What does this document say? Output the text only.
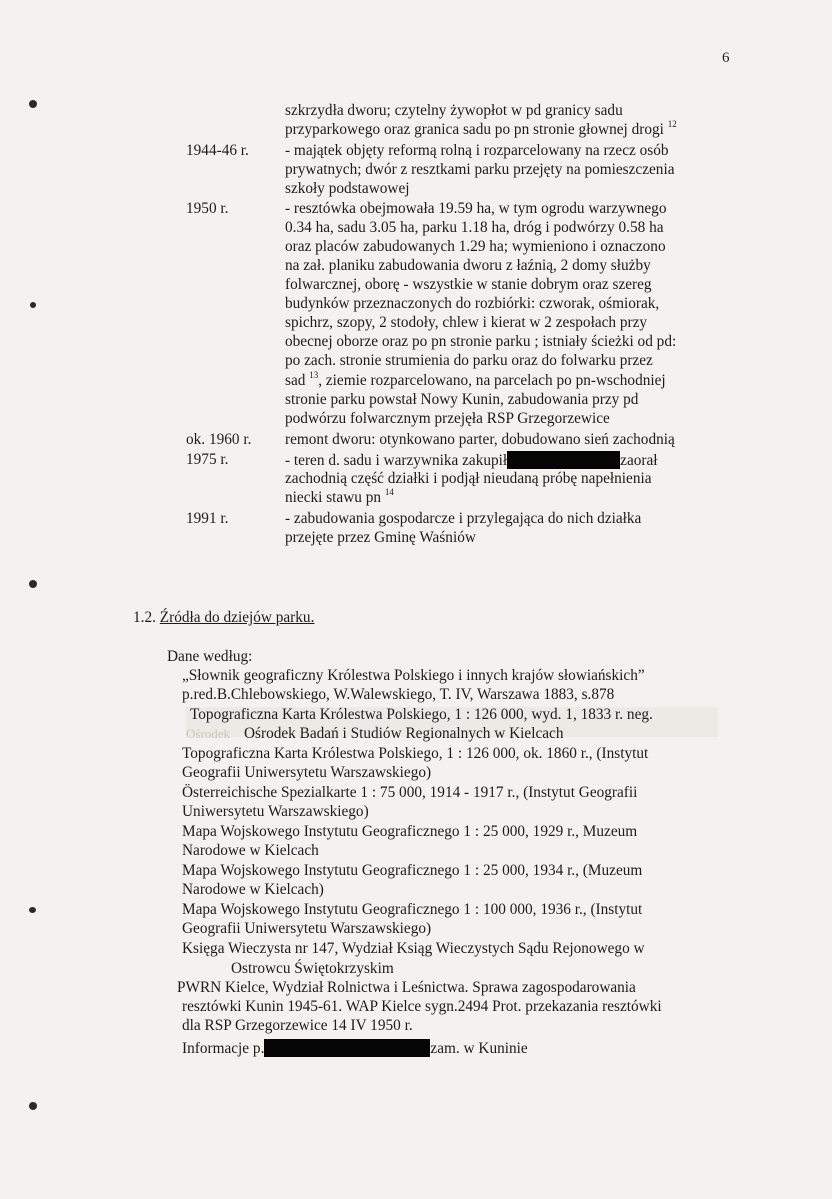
6
szkrzydła dworu; czytelny żywopłot w pd granicy sadu
przyparkowego oraz granica sadu po pn stronie głownej drogi $^{12}$
1944-46 r. - majątek objęty reformą rolną i rozparcelowany na rzecz osób
prywatnych; dwór z resztkami parku przejęty na pomieszczenia
szkoły podstawowej
1950 r.	- resztówka obejmowała 19.59 ha, w tym ogrodu warzywnego
0.34 ha, sadu 3.05 ha, parku 1.18 ha, dróg i podwórzy 0.58 ha
oraz placów zabudowanych 1.29 ha; wymieniono i oznaczono
na zał. planiku zabudowania dworu z łaźnią, 2 domy służby
folwarcznej, oborę - wszystkie w stanie dobrym oraz szereg
budynków przeznaczonych do rozbiórki: czworak, ośmiorak,
spichrz, szopy, 2 stodoły, chlew i kierat w 2 zespołach przy
obecnej oborze oraz po pn stronie parku ; istniały ścieżki od pd:
po zach. stronie strumienia do parku oraz do folwarku przez
sad $^{13}$, ziemie rozparcelowano, na parcelach po pn-wschodniej
stronie parku powstał Nowy Kunin, zabudowania przy pd
podwórzu folwarcznym przejęła RSP Grzegorzewice
ok. 1960 r. remont dworu: otynkowano parter, dobudowano sień zachodnią
1975 r.	- teren d. sadu i warzywnika zakupił	zaorał
zachodnią część działki i podjął nieudaną próbę napełnienia
niecki stawu pn $^{14}$
1991 r.	- zabudowania gospodarcze i przylegająca do nich działka
przejęte przez Gminę Waśniów
1.2. Źródła do dziejów parku.
Ośrodek
Dane według:
„Słownik geograficzny Królestwa Polskiego i innych krajów słowiańskich”
p.red.B.Chlebowskiego, W.Walewskiego, T. IV, Warszawa 1883, s.878
Topograficzna Karta Królestwa Polskiego, 1 : 126 000, wyd. 1, 1833 r. neg.
Ośrodek Badań i Studiów Regionalnych w Kielcach
Topograficzna Karta Królestwa Polskiego, 1 : 126 000, ok. 1860 r., (Instytut
Geografii Uniwersytetu Warszawskiego)
Österreichische Spezialkarte 1 : 75 000, 1914 - 1917 r., (Instytut Geografii
Uniwersytetu Warszawskiego)
Mapa Wojskowego Instytutu Geograficznego 1 : 25 000, 1929 r., Muzeum
Narodowe w Kielcach
Mapa Wojskowego Instytutu Geograficznego 1 : 25 000, 1934 r., (Muzeum
Narodowe w Kielcach)
Mapa Wojskowego Instytutu Geograficznego 1 : 100 000, 1936 r., (Instytut
Geografii Uniwersytetu Warszawskiego)
Księga Wieczysta nr 147, Wydział Ksiąg Wieczystych Sądu Rejonowego w
Ostrowcu Świętokrzyskim
PWRN Kielce, Wydział Rolnictwa i Leśnictwa. Sprawa zagospodarowania
resztówki Kunin 1945-61. WAP Kielce sygn.2494 Prot. przekazania resztówki
dla RSP Grzegorzewice 14 IV 1950 r.
Informacje p.	zam. w Kuninie
